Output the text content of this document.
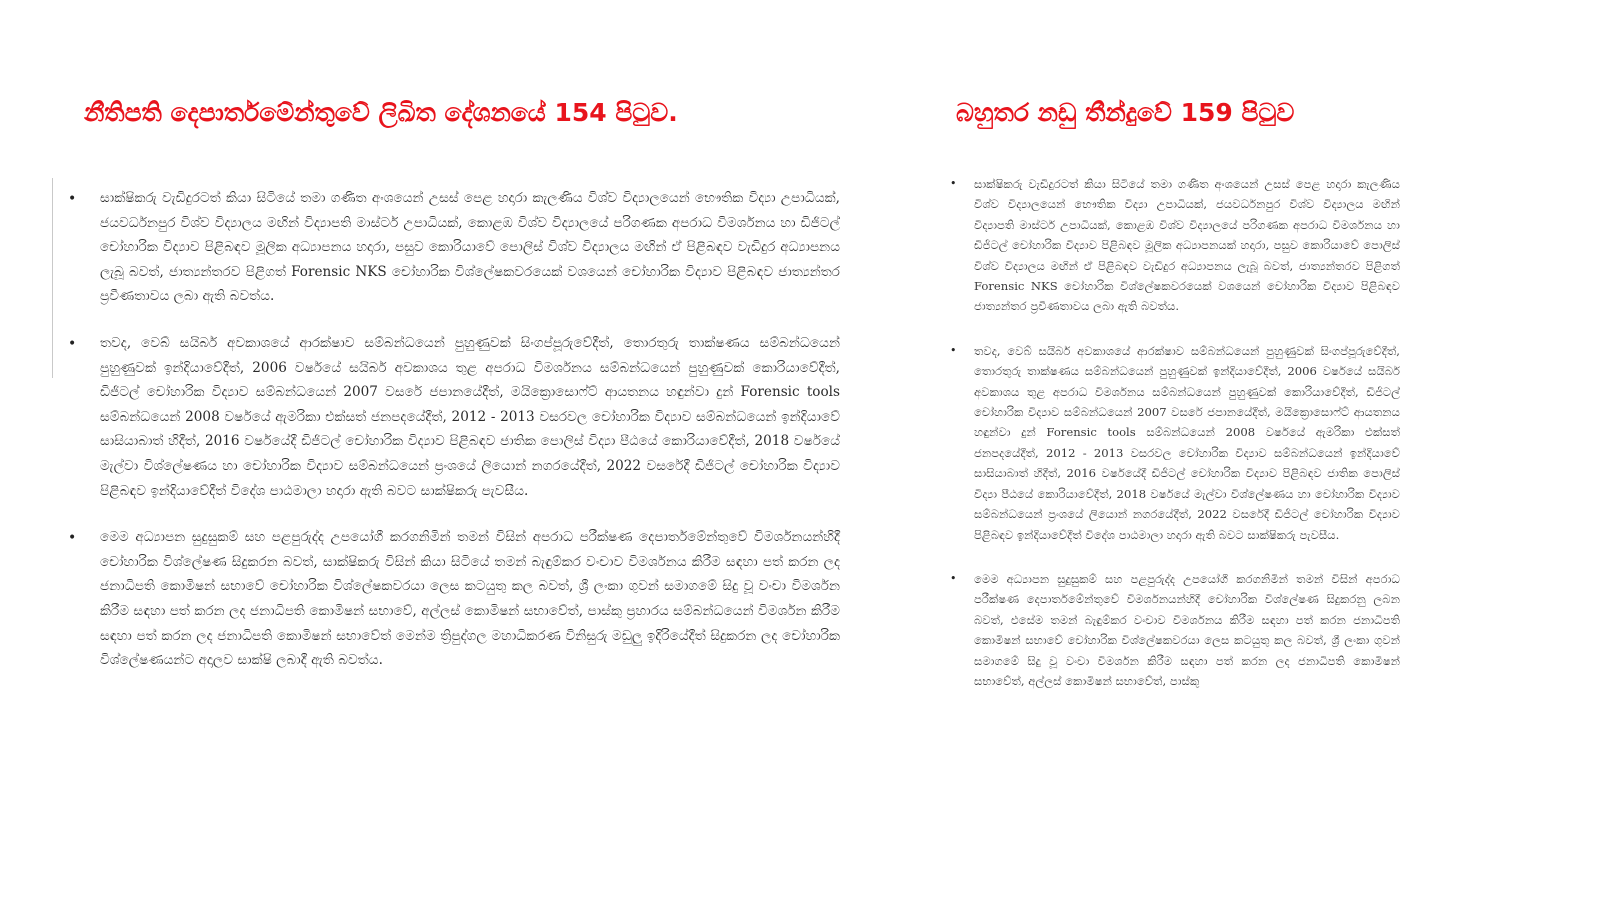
නීතිපති දෙපාර්තමේන්තුවේ ලිඛිත දේශනයේ 154 පිටුව.
•	සාක්ෂිකරු වැඩිදුරටත් කියා සිටියේ තමා ගණිත අංශයෙන් උසස් පෙළ හදාරා කැලණිය විශ්ව විද්‍යාලයෙන් භෞතික විද්‍යා උපාධියක්, ජයවර්ධනපුර විශ්ව විද්‍යාලය මඟින් විද්‍යාපති මාස්ටර් උපාධියක්, කොළඹ විශ්ව විද්‍යාලයේ පරිගණක අපරාධ විමර්ශනය හා ඩිජිටල් චෝහාරික විද්‍යාව පිළිබඳව මූලික අධ්‍යාපනය හදාරා, පසුව කොරියාවේ පොලිස් විශ්ව විද්‍යාලය මඟින් ඒ පිළිබඳව වැඩිදුර අධ්‍යාපනය ලැබූ බවත්, ජාත්‍යන්තරව පිළිගත් Forensic NKS චෝහාරික විශ්ලේෂකවරයෙක් වශයෙන් චෝහාරික විද්‍යාව පිළිබඳව ජාත්‍යන්තර ප්‍රවීණතාවය ලබා ඇති බවත්ය.

•	තවද, වෙබ් සයිබර් අවකාශයේ ආරක්ෂාව සම්බන්ධයෙන් පුහුණුවක් සිංගප්පූරුවේදීත්, තොරතුරු තාක්ෂණය සම්බන්ධයෙන් පුහුණුවක් ඉන්දියාවේදීත්, 2006 වර්ෂයේ සයිබර් අවකාශය තුළ අපරාධ විමර්ශනය සම්බන්ධයෙන් පුහුණුවක් කොරියාවේදීත්, ඩිජිටල් චෝහාරික විද්‍යාව සම්බන්ධයෙන් 2007 වසරේ ජපානයේදීත්, මයික්‍රොසොෆ්ට් ආයතනය හඳුන්වා දුන් Forensic tools සම්බන්ධයෙන් 2008 වර්ෂයේ ඇමරිකා එක්සත් ජනපදයේදීත්, 2012 - 2013 වසරවල චෝහාරික විද්‍යාව සම්බන්ධයෙන් ඉන්දියාවේ සාසියාබාත් හිදීත්, 2016 වර්ෂයේදී ඩිජිටල් චෝහාරික විද්‍යාව පිළිබඳව ජාතික පොලිස් විද්‍යා පීඨයේ කොරියාවේදීත්, 2018 වර්ෂයේ මැල්වා විශ්ලේෂණය හා චෝහාරික විද්‍යාව සම්බන්ධයෙන් ප්‍රංශයේ ලියොන් නගරයේදීත්, 2022 වසරේදී ඩිජිටල් චෝහාරික විද්‍යාව පිළිබඳව ඉන්දියාවේදීත් විදේශ පාඨමාලා හදාරා ඇති බවට සාක්ෂිකරු පැවසීය.

•	මෙම අධ්‍යාපන සුදුසුකම් සහ පළපුරුද්ද උපයෝගී කරගනිමින් තමන් විසින් අපරාධ පරීක්ෂණ දෙපාර්තමේන්තුවේ විමර්ශනයන්හිදී චෝහාරික විශ්ලේෂණ සිදුකරන බවත්, සාක්ෂිකරු විසින් කියා සිටියේ තමන් බැඳුම්කර වංචාව විමර්ශනය කිරීම සඳහා පත් කරන ලද ජනාධිපති කොමිෂන් සභාවේ චෝහාරික විශ්ලේෂකවරයා ලෙස කටයුතු කල බවත්, ශ්‍රී ලංකා ගුවන් සමාගමේ සිදු වූ වංචා විමර්ශන කිරීම සඳහා පත් කරන ලද ජනාධිපති කොමිෂන් සභාවේ, අල්ලස් කොමිෂන් සභාවේත්, පාස්කු ප්‍රහාරය සම්බන්ධයෙන් විමර්ශන කිරීම සඳහා පත් කරන ලද ජනාධිපති කොමිෂන් සභාවේත් මෙන්ම ත්‍රිපුද්ගල මහාධිකරණ විනිසුරු මඩුලු ඉදිරියේදීත් සිදුකරන ලද චෝහාරික විශ්ලේෂණයන්ට අදාලව සාක්ෂි ලබාදී ඇති බවත්ය.

බහුතර නඩු තීන්දුවේ 159 පිටුව
•	සාක්ෂිකරු වැඩිදුරටත් කියා සිටියේ තමා ගණිත අංශයෙන් උසස් පෙළ හදාරා කැලණිය විශ්ව විද්‍යාලයෙන් භෞතික විද්‍යා උපාධියක්, ජයවර්ධනපුර විශ්ව විද්‍යාලය මඟින් විද්‍යාපති මාස්ටර් උපාධියක්, කොළඹ විශ්ව විද්‍යාලයේ පරිගණක අපරාධ විමර්ශනය හා ඩිජිටල් චෝහාරික විද්‍යාව පිළිබඳව මූලික අධ්‍යාපනයක් හදාරා, පසුව කොරියාවේ පොලිස් විශ්ව විද්‍යාලය මඟින් ඒ පිළිබඳව වැඩිදුර අධ්‍යාපනය ලැබූ බවත්, ජාත්‍යන්තරව පිළිගත් Forensic NKS චෝහාරික විශ්ලේෂකවරයෙක් වශයෙන් චෝහාරික විද්‍යාව පිළිබඳව ජාත්‍යන්තර ප්‍රවීණතාවය ලබා ඇති බවත්ය.

•	තවද, වෙබ් සයිබර් අවකාශයේ ආරක්ෂාව සම්බන්ධයෙන් පුහුණුවක් සිංගප්පූරුවේදීත්, තොරතුරු තාක්ෂණය සම්බන්ධයෙන් පුහුණුවක් ඉන්දියාවේදීත්, 2006 වර්ෂයේ සයිබර් අවකාශය තුළ අපරාධ විමර්ශනය සම්බන්ධයෙන් පුහුණුවක් කොරියාවේදීත්, ඩිජිටල් චෝහාරික විද්‍යාව සම්බන්ධයෙන් 2007 වසරේ ජපානයේදීත්, මයික්‍රොසොෆ්ට් ආයතනය හඳුන්වා දුන් Forensic tools සම්බන්ධයෙන් 2008 වර්ෂයේ ඇමරිකා එක්සත් ජනපදයේදීත්, 2012 - 2013 වසරවල චෝහාරික විද්‍යාව සම්බන්ධයෙන් ඉන්දියාවේ සාසියාබාත් හිදීත්, 2016 වර්ෂයේදී ඩිජිටල් චෝහාරික විද්‍යාව පිළිබඳව ජාතික පොලිස් විද්‍යා පීඨයේ කොරියාවේදීත්, 2018 වර්ෂයේ මැල්වා විශ්ලේෂණය හා චෝහාරික විද්‍යාව සම්බන්ධයෙන් ප්‍රංශයේ ලියොන් නගරයේදීත්, 2022 වසරේදී ඩිජිටල් චෝහාරික විද්‍යාව පිළිබඳව ඉන්දියාවේදීත් විදේශ පාඨමාලා හදාරා ඇති බවට සාක්ෂිකරු පැවසීය.

•	මෙම අධ්‍යාපන සුදුසුකම් සහ පළපුරුද්ද උපයෝගී කරගනිමින් තමන් විසින් අපරාධ පරීක්ෂණ දෙපාර්තමේන්තුවේ විමර්ශනයන්හිදී චෝහාරික විශ්ලේෂණ සිදුකරනු ලබන බවත්, එසේම තමන් බැඳුම්කර වංචාව විමර්ශනය කිරීම සඳහා පත් කරන ජනාධිපති කොමිෂන් සභාවේ චෝහාරික විශ්ලේෂකවරයා ලෙස කටයුතු කල බවත්, ශ්‍රී ලංකා ගුවන් සමාගමේ සිදු වූ වංචා විමර්ශන කිරීම සඳහා පත් කරන ලද ජනාධිපති කොමිෂන් සභාවේත්, අල්ලස් කොමිෂන් සභාවේත්, පාස්කු
